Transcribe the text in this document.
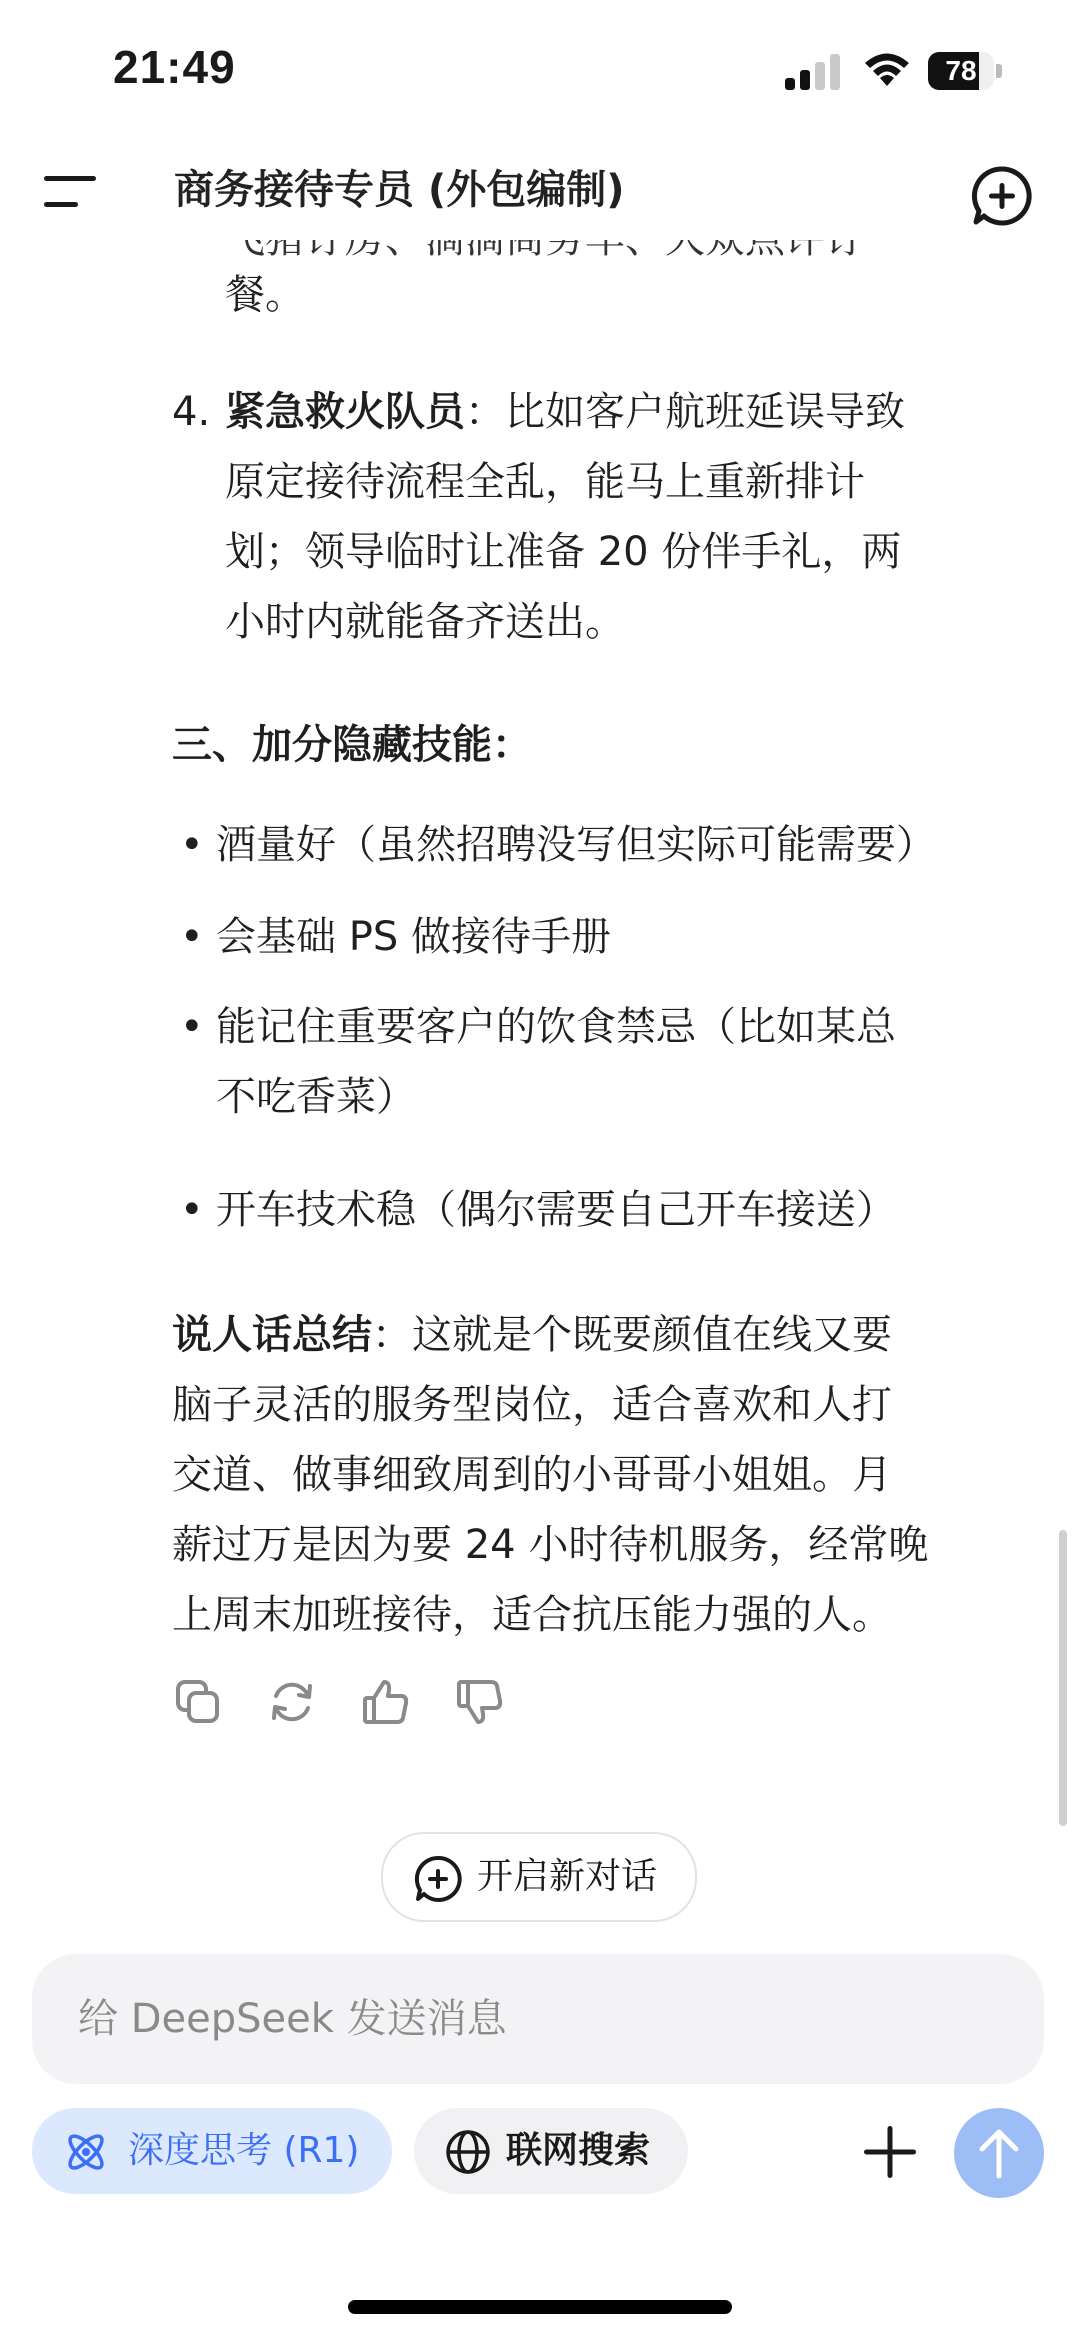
21:49	78
商务接待专员 (外包编制)
餐。
4. 紧急救火队员：比如客户航班延误导致
原定接待流程全乱，能马上重新排计
划；领导临时让准备 20 份伴手礼，两
小时内就能备齐送出。
三、加分隐藏技能：
• 酒量好（虽然招聘没写但实际可能需要）
• 会基础 PS 做接待手册
• 能记住重要客户的饮食禁忌（比如某总
不吃香菜）
• 开车技术稳（偶尔需要自己开车接送）
说人话总结：这就是个既要颜值在线又要
脑子灵活的服务型岗位，适合喜欢和人打
交道、做事细致周到的小哥哥小姐姐。月
薪过万是因为要 24 小时待机服务，经常晚
上周末加班接待，适合抗压能力强的人。
开启新对话
给 DeepSeek 发送消息
深度思考 (R1)	联网搜索
